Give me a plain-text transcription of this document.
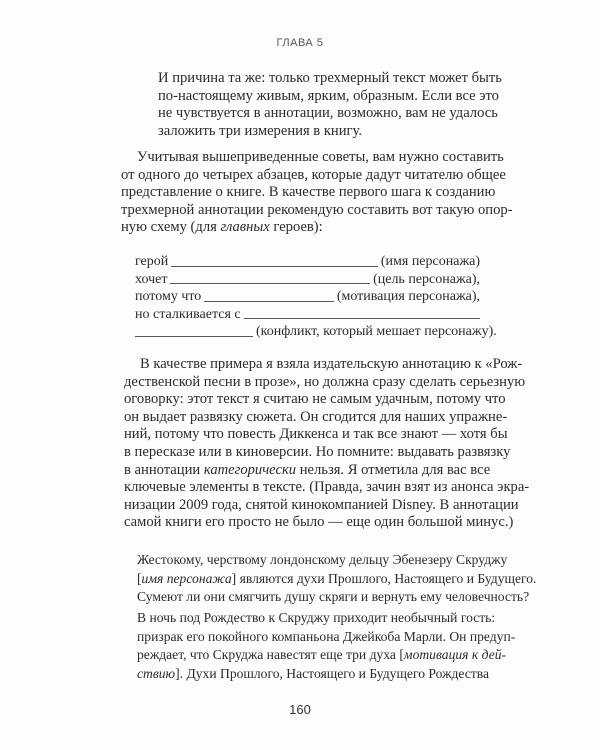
ГЛАВА 5
И причина та же: только трехмерный текст может быть
по-настоящему живым, ярким, образным. Если все это
не чувствуется в аннотации, возможно, вам не удалось
заложить три измерения в книгу.
Учитывая вышеприведенные советы, вам нужно составить
от одного до четырех абзацев, которые дадут читателю общее
представление о книге. В качестве первого шага к созданию
трехмерной аннотации рекомендую составить вот такую опор-
ную схему (для главных героев):
герой	(имя персонажа)
хочет	(цель персонажа),
потому что	(мотивация персонажа),
но сталкивается с
(конфликт, который мешает персонажу).
В качестве примера я взяла издательскую аннотацию к «Рож-
дественской песни в прозе», но должна сразу сделать серьезную
оговорку: этот текст я считаю не самым удачным, потому что
он выдает развязку сюжета. Он сгодится для наших упражне-
ний, потому что повесть Диккенса и так все знают — хотя бы
в пересказе или в киноверсии. Но помните: выдавать развязку
в аннотации категорически нельзя. Я отметила для вас все
ключевые элементы в тексте. (Правда, зачин взят из анонса экра-
низации 2009 года, снятой кинокомпанией Disney. В аннотации
самой книги его просто не было — еще один большой минус.)
Жестокому, черствому лондонскому дельцу Эбенезеру Скруджу
[имя персонажа] являются духи Прошлого, Настоящего и Будущего.
Сумеют ли они смягчить душу скряги и вернуть ему человечность?
В ночь под Рождество к Скруджу приходит необычный гость:
призрак его покойного компаньона Джейкоба Марли. Он предуп-
реждает, что Скруджа навестят еще три духа [мотивация к дей-
ствию]. Духи Прошлого, Настоящего и Будущего Рождества
160
